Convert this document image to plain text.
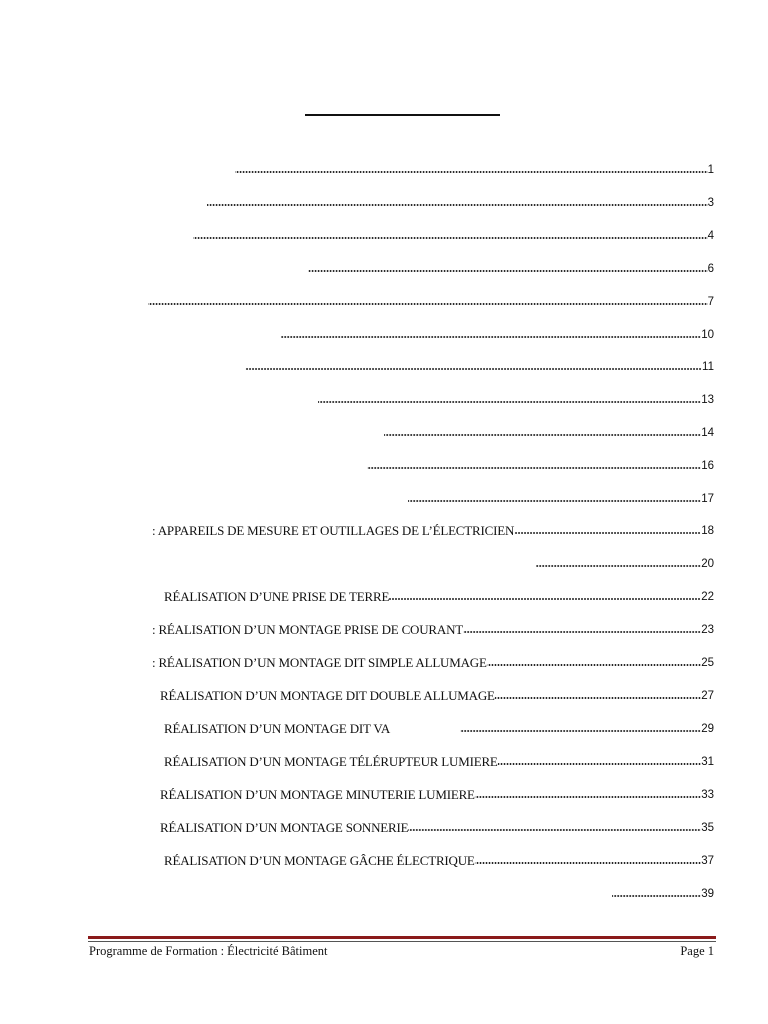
1
3
4
6
7
10
11
13
14
16
17
: APPAREILS DE MESURE ET OUTILLAGES DE L’ÉLECTRICIEN	18
20
RÉALISATION D’UNE PRISE DE TERRE	22
: RÉALISATION D’UN MONTAGE PRISE DE COURANT	23
: RÉALISATION D’UN MONTAGE DIT SIMPLE ALLUMAGE	25
RÉALISATION D’UN MONTAGE DIT DOUBLE ALLUMAGE	27
RÉALISATION D’UN MONTAGE DIT VA	29
RÉALISATION D’UN MONTAGE TÉLÉRUPTEUR LUMIERE	31
RÉALISATION D’UN MONTAGE MINUTERIE LUMIERE	33
RÉALISATION D’UN MONTAGE SONNERIE	35
RÉALISATION D’UN MONTAGE GÂCHE ÉLECTRIQUE	37
39
Programme de Formation : Électricité Bâtiment	Page 1
